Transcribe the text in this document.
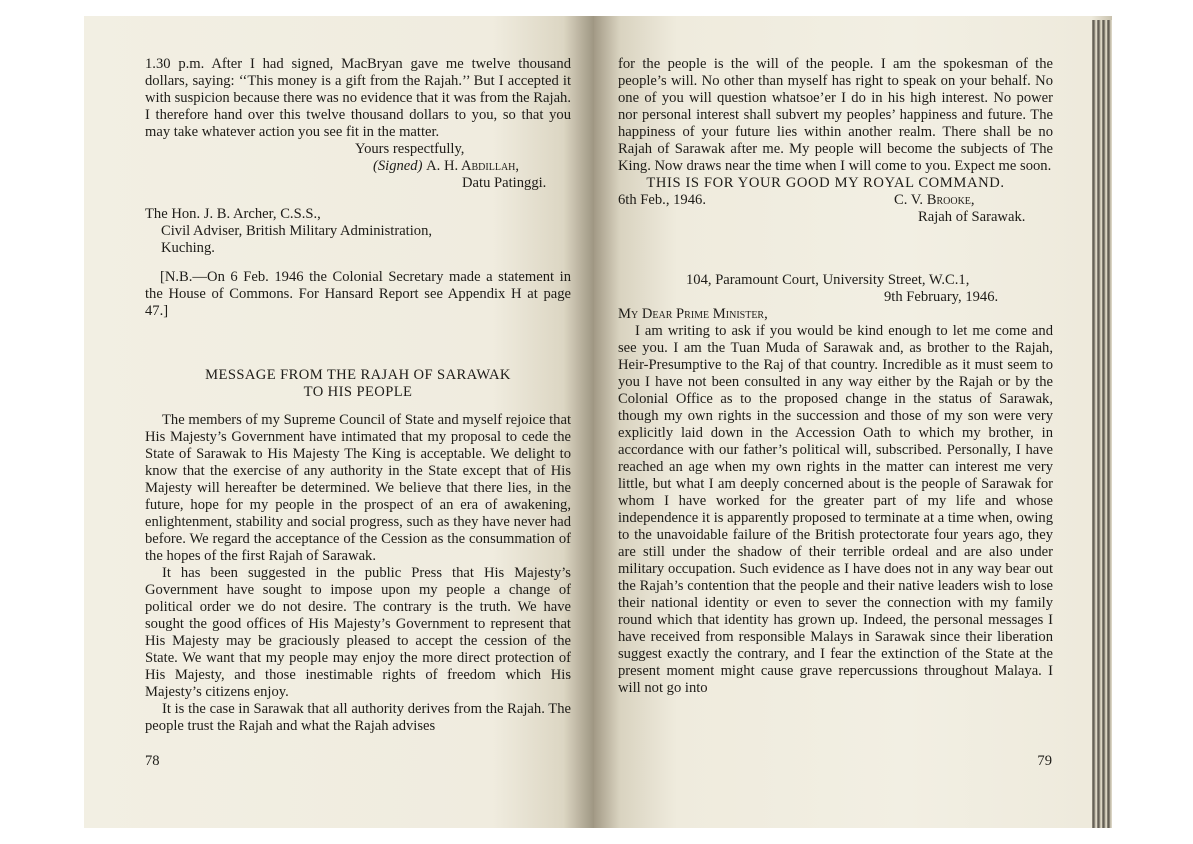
1.30 p.m. After I had signed, MacBryan gave me twelve thousand dollars, saying: ‘‘This money is a gift from the Rajah.’’ But I accepted it with suspicion because there was no evidence that it was from the Rajah. I therefore hand over this twelve thousand dollars to you, so that you may take whatever action you see fit in the matter.

Yours respectfully,
(Signed) A. H. Abdillah,
Datu Patinggi.
The Hon. J. B. Archer, C.S.S.,
Civil Adviser, British Military Administration,
Kuching.

[N.B.—On 6 Feb. 1946 the Colonial Secretary made a statement in the House of Commons. For Hansard Report see Appendix H at page 47.]

MESSAGE FROM THE RAJAH OF SARAWAK
TO HIS PEOPLE

The members of my Supreme Council of State and myself rejoice that His Majesty’s Government have intimated that my proposal to cede the State of Sarawak to His Majesty The King is acceptable. We delight to know that the exercise of any authority in the State except that of His Majesty will hereafter be determined. We believe that there lies, in the future, hope for my people in the prospect of an era of awakening, enlightenment, stability and social progress, such as they have never had before. We regard the acceptance of the Cession as the consummation of the hopes of the first Rajah of Sarawak.

It has been suggested in the public Press that His Majesty’s Government have sought to impose upon my people a change of political order we do not desire. The contrary is the truth. We have sought the good offices of His Majesty’s Government to represent that His Majesty may be graciously pleased to accept the cession of the State. We want that my people may enjoy the more direct protection of His Majesty, and those inestimable rights of freedom which His Majesty’s citizens enjoy.

It is the case in Sarawak that all authority derives from the Rajah. The people trust the Rajah and what the Rajah advises

78

for the people is the will of the people. I am the spokesman of the people’s will. No other than myself has right to speak on your behalf. No one of you will question whatsoe’er I do in his high interest. No power nor personal interest shall subvert my peoples’ happiness and future. The happiness of your future lies within another realm. There shall be no Rajah of Sarawak after me. My people will become the subjects of The King. Now draws near the time when I will come to you. Expect me soon.

THIS IS FOR YOUR GOOD MY ROYAL COMMAND.

6th Feb., 1946.	C. V. Brooke,
Rajah of Sarawak.
104, Paramount Court, University Street, W.C.1,
9th February, 1946.
My Dear Prime Minister,

I am writing to ask if you would be kind enough to let me come and see you. I am the Tuan Muda of Sarawak and, as brother to the Rajah, Heir-Presumptive to the Raj of that country. Incredible as it must seem to you I have not been consulted in any way either by the Rajah or by the Colonial Office as to the proposed change in the status of Sarawak, though my own rights in the succession and those of my son were very explicitly laid down in the Accession Oath to which my brother, in accordance with our father’s political will, subscribed. Personally, I have reached an age when my own rights in the matter can interest me very little, but what I am deeply concerned about is the people of Sarawak for whom I have worked for the greater part of my life and whose independence it is apparently proposed to terminate at a time when, owing to the unavoidable failure of the British protectorate four years ago, they are still under the shadow of their terrible ordeal and are also under military occupation. Such evidence as I have does not in any way bear out the Rajah’s contention that the people and their native leaders wish to lose their national identity or even to sever the connection with my family round which that identity has grown up. Indeed, the personal messages I have received from responsible Malays in Sarawak since their liberation suggest exactly the contrary, and I fear the extinction of the State at the present moment might cause grave repercussions throughout Malaya. I will not go into

79
